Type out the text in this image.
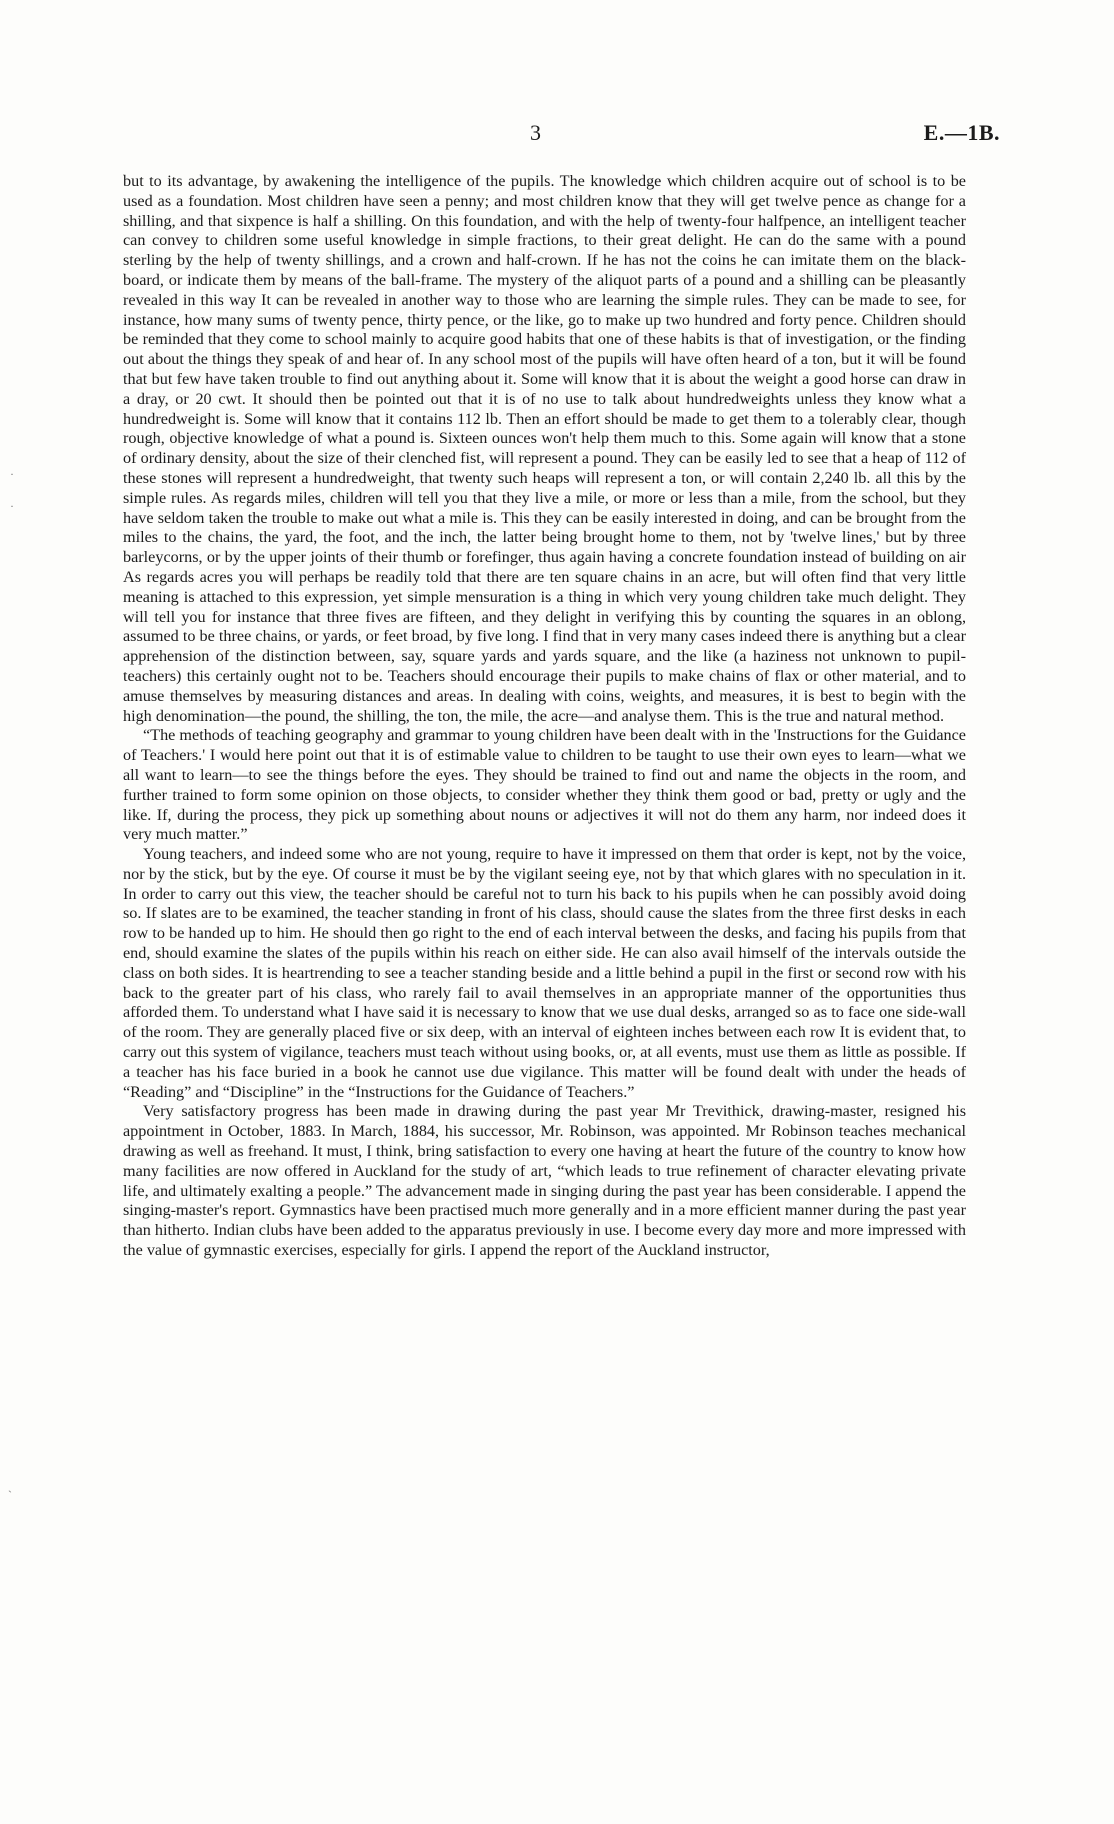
3	E.—1B.

but to its advantage, by awakening the intelligence of the pupils. The knowledge which children acquire out of school is to be used as a foundation. Most children have seen a penny; and most children know that they will get twelve pence as change for a shilling, and that sixpence is half a shilling. On this foundation, and with the help of twenty-four halfpence, an intelligent teacher can convey to children some useful knowledge in simple fractions, to their great delight. He can do the same with a pound sterling by the help of twenty shillings, and a crown and half-crown. If he has not the coins he can imitate them on the black-board, or indicate them by means of the ball-frame. The mystery of the aliquot parts of a pound and a shilling can be pleasantly revealed in this way It can be revealed in another way to those who are learning the simple rules. They can be made to see, for instance, how many sums of twenty pence, thirty pence, or the like, go to make up two hundred and forty pence. Children should be reminded that they come to school mainly to acquire good habits that one of these habits is that of investigation, or the finding out about the things they speak of and hear of. In any school most of the pupils will have often heard of a ton, but it will be found that but few have taken trouble to find out anything about it. Some will know that it is about the weight a good horse can draw in a dray, or 20 cwt. It should then be pointed out that it is of no use to talk about hundredweights unless they know what a hundredweight is. Some will know that it contains 112 lb. Then an effort should be made to get them to a tolerably clear, though rough, objective knowledge of what a pound is. Sixteen ounces won't help them much to this. Some again will know that a stone of ordinary density, about the size of their clenched fist, will represent a pound. They can be easily led to see that a heap of 112 of these stones will represent a hundredweight, that twenty such heaps will represent a ton, or will contain 2,240 lb. all this by the simple rules. As regards miles, children will tell you that they live a mile, or more or less than a mile, from the school, but they have seldom taken the trouble to make out what a mile is. This they can be easily interested in doing, and can be brought from the miles to the chains, the yard, the foot, and the inch, the latter being brought home to them, not by 'twelve lines,' but by three barleycorns, or by the upper joints of their thumb or forefinger, thus again having a concrete foundation instead of building on air As regards acres you will perhaps be readily told that there are ten square chains in an acre, but will often find that very little meaning is attached to this expression, yet simple mensuration is a thing in which very young children take much delight. They will tell you for instance that three fives are fifteen, and they delight in verifying this by counting the squares in an oblong, assumed to be three chains, or yards, or feet broad, by five long. I find that in very many cases indeed there is anything but a clear apprehension of the distinction between, say, square yards and yards square, and the like (a haziness not unknown to pupil-teachers) this certainly ought not to be. Teachers should encourage their pupils to make chains of flax or other material, and to amuse themselves by measuring distances and areas. In dealing with coins, weights, and measures, it is best to begin with the high denomination—the pound, the shilling, the ton, the mile, the acre—and analyse them. This is the true and natural method.

“The methods of teaching geography and grammar to young children have been dealt with in the 'Instructions for the Guidance of Teachers.' I would here point out that it is of estimable value to children to be taught to use their own eyes to learn—what we all want to learn—to see the things before the eyes. They should be trained to find out and name the objects in the room, and further trained to form some opinion on those objects, to consider whether they think them good or bad, pretty or ugly and the like. If, during the process, they pick up something about nouns or adjectives it will not do them any harm, nor indeed does it very much matter.”

Young teachers, and indeed some who are not young, require to have it impressed on them that order is kept, not by the voice, nor by the stick, but by the eye. Of course it must be by the vigilant seeing eye, not by that which glares with no speculation in it. In order to carry out this view, the teacher should be careful not to turn his back to his pupils when he can possibly avoid doing so. If slates are to be examined, the teacher standing in front of his class, should cause the slates from the three first desks in each row to be handed up to him. He should then go right to the end of each interval between the desks, and facing his pupils from that end, should examine the slates of the pupils within his reach on either side. He can also avail himself of the intervals outside the class on both sides. It is heartrending to see a teacher standing beside and a little behind a pupil in the first or second row with his back to the greater part of his class, who rarely fail to avail themselves in an appropriate manner of the opportunities thus afforded them. To understand what I have said it is necessary to know that we use dual desks, arranged so as to face one side-wall of the room. They are generally placed five or six deep, with an interval of eighteen inches between each row It is evident that, to carry out this system of vigilance, teachers must teach without using books, or, at all events, must use them as little as possible. If a teacher has his face buried in a book he cannot use due vigilance. This matter will be found dealt with under the heads of “Reading” and “Discipline” in the “Instructions for the Guidance of Teachers.”

Very satisfactory progress has been made in drawing during the past year Mr Trevithick, drawing-master, resigned his appointment in October, 1883. In March, 1884, his successor, Mr. Robinson, was appointed. Mr Robinson teaches mechanical drawing as well as freehand. It must, I think, bring satisfaction to every one having at heart the future of the country to know how many facilities are now offered in Auckland for the study of art, “which leads to true refinement of character elevating private life, and ultimately exalting a people.” The advancement made in singing during the past year has been considerable. I append the singing-master's report. Gymnastics have been practised much more generally and in a more efficient manner during the past year than hitherto. Indian clubs have been added to the apparatus previously in use. I become every day more and more impressed with the value of gymnastic exercises, especially for girls. I append the report of the Auckland instructor,

·
·
ˎ
